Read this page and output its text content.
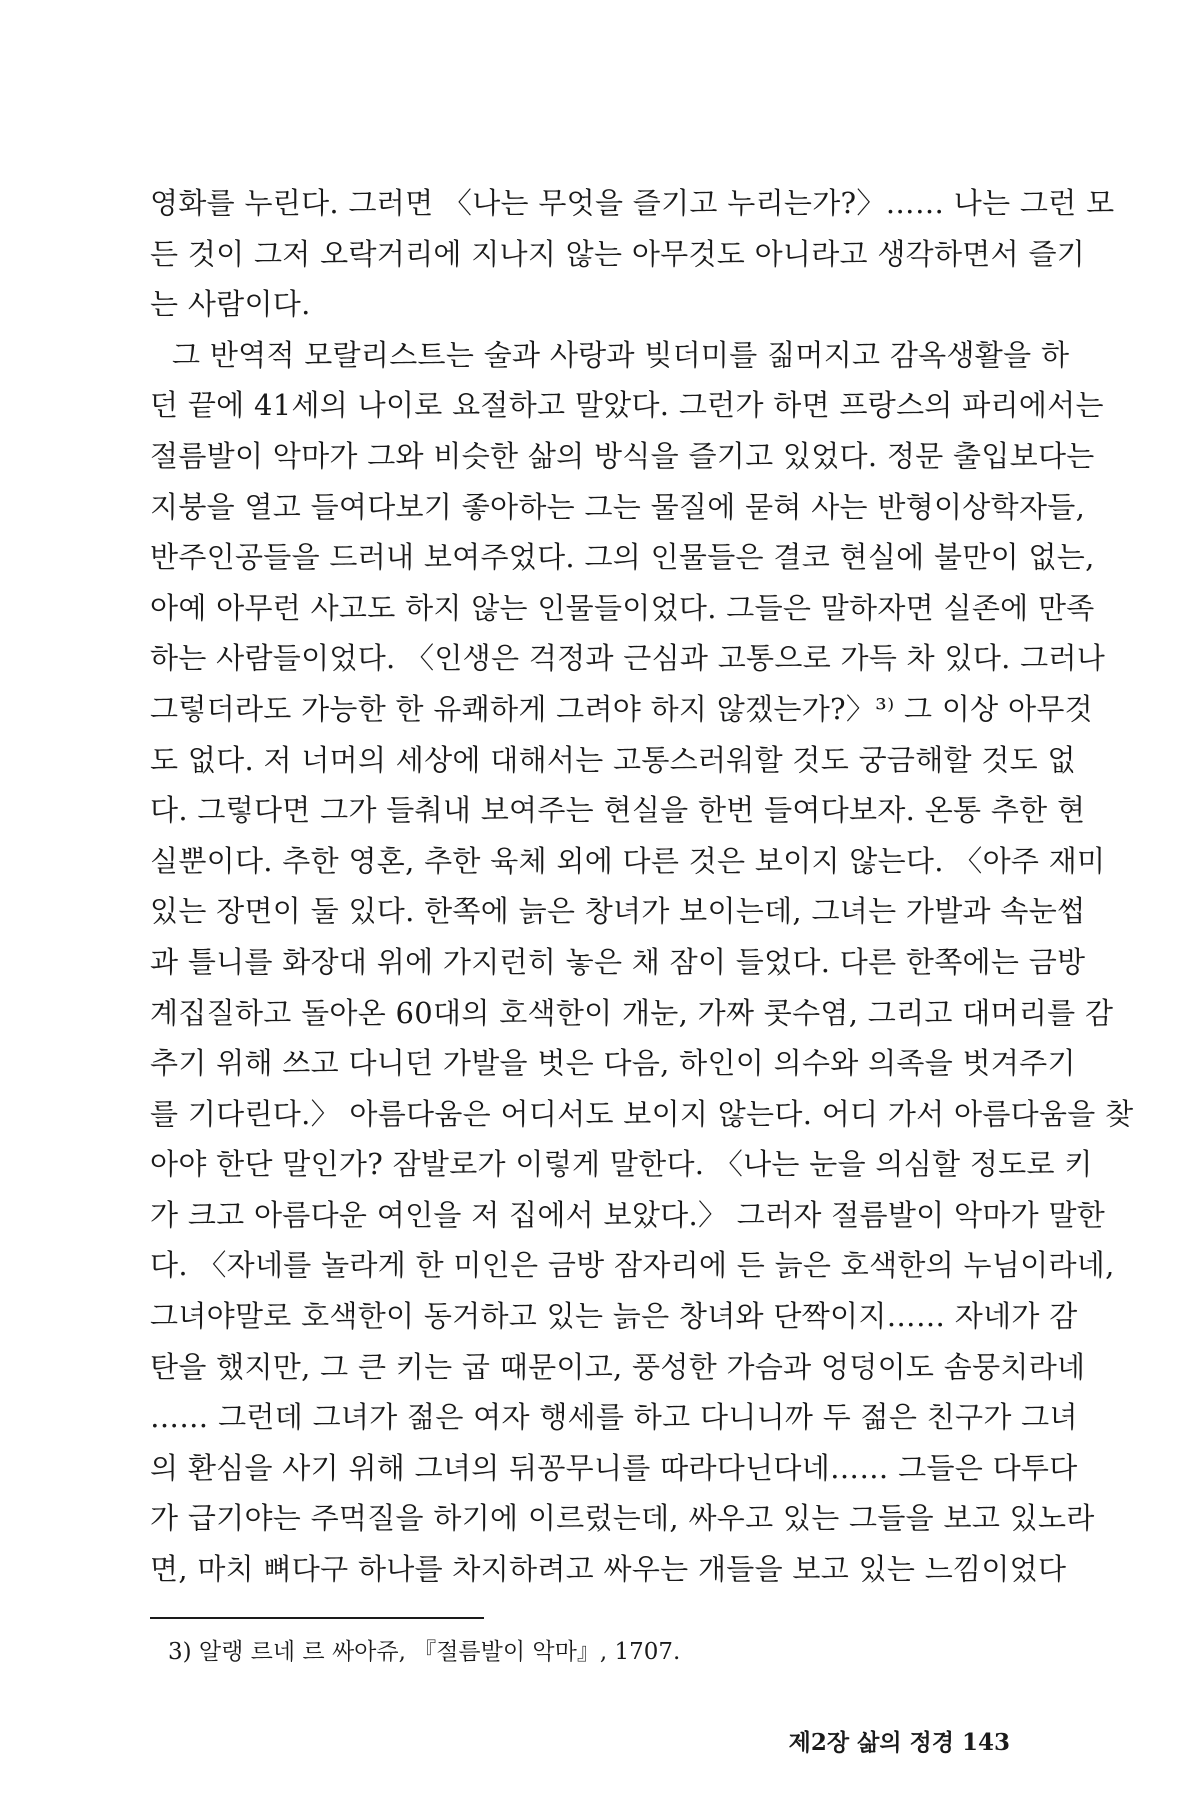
영화를 누린다. 그러면 〈나는 무엇을 즐기고 누리는가?〉…… 나는 그런 모
든 것이 그저 오락거리에 지나지 않는 아무것도 아니라고 생각하면서 즐기
는 사람이다.
그 반역적 모랄리스트는 술과 사랑과 빚더미를 짊머지고 감옥생활을 하
던 끝에 41세의 나이로 요절하고 말았다. 그런가 하면 프랑스의 파리에서는
절름발이 악마가 그와 비슷한 삶의 방식을 즐기고 있었다. 정문 출입보다는
지붕을 열고 들여다보기 좋아하는 그는 물질에 묻혀 사는 반형이상학자들,
반주인공들을 드러내 보여주었다. 그의 인물들은 결코 현실에 불만이 없는,
아예 아무런 사고도 하지 않는 인물들이었다. 그들은 말하자면 실존에 만족
하는 사람들이었다. 〈인생은 걱정과 근심과 고통으로 가득 차 있다. 그러나
그렇더라도 가능한 한 유쾌하게 그려야 하지 않겠는가?〉³⁾ 그 이상 아무것
도 없다. 저 너머의 세상에 대해서는 고통스러워할 것도 궁금해할 것도 없
다. 그렇다면 그가 들춰내 보여주는 현실을 한번 들여다보자. 온통 추한 현
실뿐이다. 추한 영혼, 추한 육체 외에 다른 것은 보이지 않는다. 〈아주 재미
있는 장면이 둘 있다. 한쪽에 늙은 창녀가 보이는데, 그녀는 가발과 속눈썹
과 틀니를 화장대 위에 가지런히 놓은 채 잠이 들었다. 다른 한쪽에는 금방
계집질하고 돌아온 60대의 호색한이 개눈, 가짜 콧수염, 그리고 대머리를 감
추기 위해 쓰고 다니던 가발을 벗은 다음, 하인이 의수와 의족을 벗겨주기
를 기다린다.〉 아름다움은 어디서도 보이지 않는다. 어디 가서 아름다움을 찾
아야 한단 말인가? 잠발로가 이렇게 말한다. 〈나는 눈을 의심할 정도로 키
가 크고 아름다운 여인을 저 집에서 보았다.〉 그러자 절름발이 악마가 말한
다. 〈자네를 놀라게 한 미인은 금방 잠자리에 든 늙은 호색한의 누님이라네,
그녀야말로 호색한이 동거하고 있는 늙은 창녀와 단짝이지…… 자네가 감
탄을 했지만, 그 큰 키는 굽 때문이고, 풍성한 가슴과 엉덩이도 솜뭉치라네
…… 그런데 그녀가 젊은 여자 행세를 하고 다니니까 두 젊은 친구가 그녀
의 환심을 사기 위해 그녀의 뒤꽁무니를 따라다닌다네…… 그들은 다투다
가 급기야는 주먹질을 하기에 이르렀는데, 싸우고 있는 그들을 보고 있노라
면, 마치 뼈다구 하나를 차지하려고 싸우는 개들을 보고 있는 느낌이었다
3) 알랭 르네 르 싸아쥬, 『절름발이 악마』, 1707.
제2장 삶의 정경 143
